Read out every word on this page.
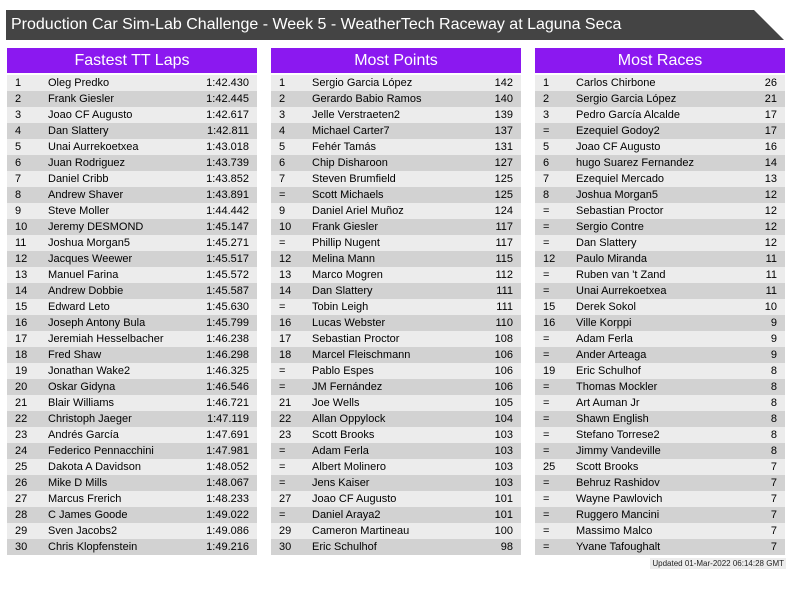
Production Car Sim-Lab Challenge - Week 5 - WeatherTech Raceway at Laguna Seca
Fastest TT Laps
1 Oleg Predko	1:42.430
2 Frank Giesler	1:42.445
3 Joao CF Augusto	1:42.617
4 Dan Slattery	1:42.811
5 Unai Aurrekoetxea	1:43.018
6 Juan Rodriguez	1:43.739
7 Daniel Cribb	1:43.852
8 Andrew Shaver	1:43.891
9 Steve Moller	1:44.442
10 Jeremy DESMOND	1:45.147
11 Joshua Morgan5	1:45.271
12 Jacques Weewer	1:45.517
13 Manuel Farina	1:45.572
14 Andrew Dobbie	1:45.587
15 Edward Leto	1:45.630
16 Joseph Antony Bula	1:45.799
17 Jeremiah Hesselbacher	1:46.238
18 Fred Shaw	1:46.298
19 Jonathan Wake2	1:46.325
20 Oskar Gidyna	1:46.546
21 Blair Williams	1:46.721
22 Christoph Jaeger	1:47.119
23 Andrés García	1:47.691
24 Federico Pennacchini	1:47.981
25 Dakota A Davidson	1:48.052
26 Mike D Mills	1:48.067
27 Marcus Frerich	1:48.233
28 C James Goode	1:49.022
29 Sven Jacobs2	1:49.086
30 Chris Klopfenstein	1:49.216
Most Points
1 Sergio Garcia López	142
2 Gerardo Babio Ramos	140
3 Jelle Verstraeten2	139
4 Michael Carter7	137
5 Fehér Tamás	131
6 Chip Disharoon	127
7 Steven Brumfield	125
= Scott Michaels	125
9 Daniel Ariel Muñoz	124
10 Frank Giesler	117
= Phillip Nugent	117
12 Melina Mann	115
13 Marco Mogren	112
14 Dan Slattery	111
= Tobin Leigh	111
16 Lucas Webster	110
17 Sebastian Proctor	108
18 Marcel Fleischmann	106
= Pablo Espes	106
= JM Fernández	106
21 Joe Wells	105
22 Allan Oppylock	104
23 Scott Brooks	103
= Adam Ferla	103
= Albert Molinero	103
= Jens Kaiser	103
27 Joao CF Augusto	101
= Daniel Araya2	101
29 Cameron Martineau	100
30 Eric Schulhof	98
Most Races
1 Carlos Chirbone	26
2 Sergio Garcia López	21
3 Pedro García Alcalde	17
= Ezequiel Godoy2	17
5 Joao CF Augusto	16
6 hugo Suarez Fernandez	14
7 Ezequiel Mercado	13
8 Joshua Morgan5	12
= Sebastian Proctor	12
= Sergio Contre	12
= Dan Slattery	12
12 Paulo Miranda	11
= Ruben van 't Zand	11
= Unai Aurrekoetxea	11
15 Derek Sokol	10
16 Ville Korppi	9
= Adam Ferla	9
= Ander Arteaga	9
19 Eric Schulhof	8
= Thomas Mockler	8
= Art Auman Jr	8
= Shawn English	8
= Stefano Torrese2	8
= Jimmy Vandeville	8
25 Scott Brooks	7
= Behruz Rashidov	7
= Wayne Pawlovich	7
= Ruggero Mancini	7
= Massimo Malco	7
= Yvane Tafoughalt	7
Updated 01-Mar-2022 06:14:28 GMT
